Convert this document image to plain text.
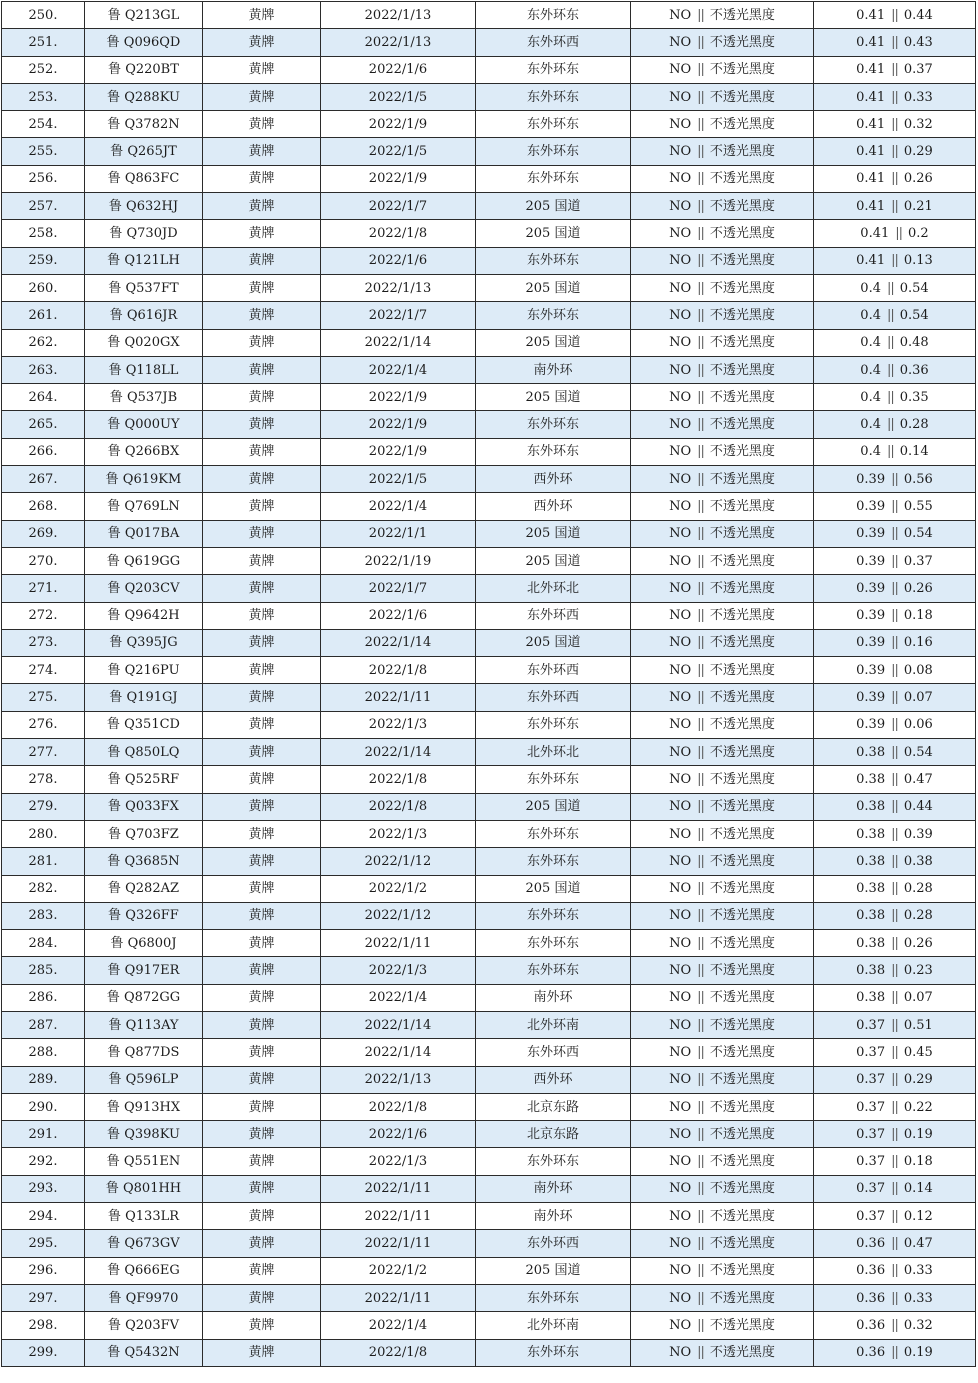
250.	鲁 Q213GL	黄牌	2022/1/13	东外环东	NO || 不透光黑度	0.41 || 0.44
251.	鲁 Q096QD	黄牌	2022/1/13	东外环西	NO || 不透光黑度	0.41 || 0.43
252.	鲁 Q220BT	黄牌	2022/1/6	东外环东	NO || 不透光黑度	0.41 || 0.37
253.	鲁 Q288KU	黄牌	2022/1/5	东外环东	NO || 不透光黑度	0.41 || 0.33
254.	鲁 Q3782N	黄牌	2022/1/9	东外环东	NO || 不透光黑度	0.41 || 0.32
255.	鲁 Q265JT	黄牌	2022/1/5	东外环东	NO || 不透光黑度	0.41 || 0.29
256.	鲁 Q863FC	黄牌	2022/1/9	东外环东	NO || 不透光黑度	0.41 || 0.26
257.	鲁 Q632HJ	黄牌	2022/1/7	205 国道	NO || 不透光黑度	0.41 || 0.21
258.	鲁 Q730JD	黄牌	2022/1/8	205 国道	NO || 不透光黑度	0.41 || 0.2
259.	鲁 Q121LH	黄牌	2022/1/6	东外环东	NO || 不透光黑度	0.41 || 0.13
260.	鲁 Q537FT	黄牌	2022/1/13	205 国道	NO || 不透光黑度	0.4 || 0.54
261.	鲁 Q616JR	黄牌	2022/1/7	东外环东	NO || 不透光黑度	0.4 || 0.54
262.	鲁 Q020GX	黄牌	2022/1/14	205 国道	NO || 不透光黑度	0.4 || 0.48
263.	鲁 Q118LL	黄牌	2022/1/4	南外环	NO || 不透光黑度	0.4 || 0.36
264.	鲁 Q537JB	黄牌	2022/1/9	205 国道	NO || 不透光黑度	0.4 || 0.35
265.	鲁 Q000UY	黄牌	2022/1/9	东外环东	NO || 不透光黑度	0.4 || 0.28
266.	鲁 Q266BX	黄牌	2022/1/9	东外环东	NO || 不透光黑度	0.4 || 0.14
267.	鲁 Q619KM	黄牌	2022/1/5	西外环	NO || 不透光黑度	0.39 || 0.56
268.	鲁 Q769LN	黄牌	2022/1/4	西外环	NO || 不透光黑度	0.39 || 0.55
269.	鲁 Q017BA	黄牌	2022/1/1	205 国道	NO || 不透光黑度	0.39 || 0.54
270.	鲁 Q619GG	黄牌	2022/1/19	205 国道	NO || 不透光黑度	0.39 || 0.37
271.	鲁 Q203CV	黄牌	2022/1/7	北外环北	NO || 不透光黑度	0.39 || 0.26
272.	鲁 Q9642H	黄牌	2022/1/6	东外环西	NO || 不透光黑度	0.39 || 0.18
273.	鲁 Q395JG	黄牌	2022/1/14	205 国道	NO || 不透光黑度	0.39 || 0.16
274.	鲁 Q216PU	黄牌	2022/1/8	东外环西	NO || 不透光黑度	0.39 || 0.08
275.	鲁 Q191GJ	黄牌	2022/1/11	东外环西	NO || 不透光黑度	0.39 || 0.07
276.	鲁 Q351CD	黄牌	2022/1/3	东外环东	NO || 不透光黑度	0.39 || 0.06
277.	鲁 Q850LQ	黄牌	2022/1/14	北外环北	NO || 不透光黑度	0.38 || 0.54
278.	鲁 Q525RF	黄牌	2022/1/8	东外环东	NO || 不透光黑度	0.38 || 0.47
279.	鲁 Q033FX	黄牌	2022/1/8	205 国道	NO || 不透光黑度	0.38 || 0.44
280.	鲁 Q703FZ	黄牌	2022/1/3	东外环东	NO || 不透光黑度	0.38 || 0.39
281.	鲁 Q3685N	黄牌	2022/1/12	东外环东	NO || 不透光黑度	0.38 || 0.38
282.	鲁 Q282AZ	黄牌	2022/1/2	205 国道	NO || 不透光黑度	0.38 || 0.28
283.	鲁 Q326FF	黄牌	2022/1/12	东外环东	NO || 不透光黑度	0.38 || 0.28
284.	鲁 Q6800J	黄牌	2022/1/11	东外环东	NO || 不透光黑度	0.38 || 0.26
285.	鲁 Q917ER	黄牌	2022/1/3	东外环东	NO || 不透光黑度	0.38 || 0.23
286.	鲁 Q872GG	黄牌	2022/1/4	南外环	NO || 不透光黑度	0.38 || 0.07
287.	鲁 Q113AY	黄牌	2022/1/14	北外环南	NO || 不透光黑度	0.37 || 0.51
288.	鲁 Q877DS	黄牌	2022/1/14	东外环西	NO || 不透光黑度	0.37 || 0.45
289.	鲁 Q596LP	黄牌	2022/1/13	西外环	NO || 不透光黑度	0.37 || 0.29
290.	鲁 Q913HX	黄牌	2022/1/8	北京东路	NO || 不透光黑度	0.37 || 0.22
291.	鲁 Q398KU	黄牌	2022/1/6	北京东路	NO || 不透光黑度	0.37 || 0.19
292.	鲁 Q551EN	黄牌	2022/1/3	东外环东	NO || 不透光黑度	0.37 || 0.18
293.	鲁 Q801HH	黄牌	2022/1/11	南外环	NO || 不透光黑度	0.37 || 0.14
294.	鲁 Q133LR	黄牌	2022/1/11	南外环	NO || 不透光黑度	0.37 || 0.12
295.	鲁 Q673GV	黄牌	2022/1/11	东外环西	NO || 不透光黑度	0.36 || 0.47
296.	鲁 Q666EG	黄牌	2022/1/2	205 国道	NO || 不透光黑度	0.36 || 0.33
297.	鲁 QF9970	黄牌	2022/1/11	东外环东	NO || 不透光黑度	0.36 || 0.33
298.	鲁 Q203FV	黄牌	2022/1/4	北外环南	NO || 不透光黑度	0.36 || 0.32
299.	鲁 Q5432N	黄牌	2022/1/8	东外环东	NO || 不透光黑度	0.36 || 0.19
